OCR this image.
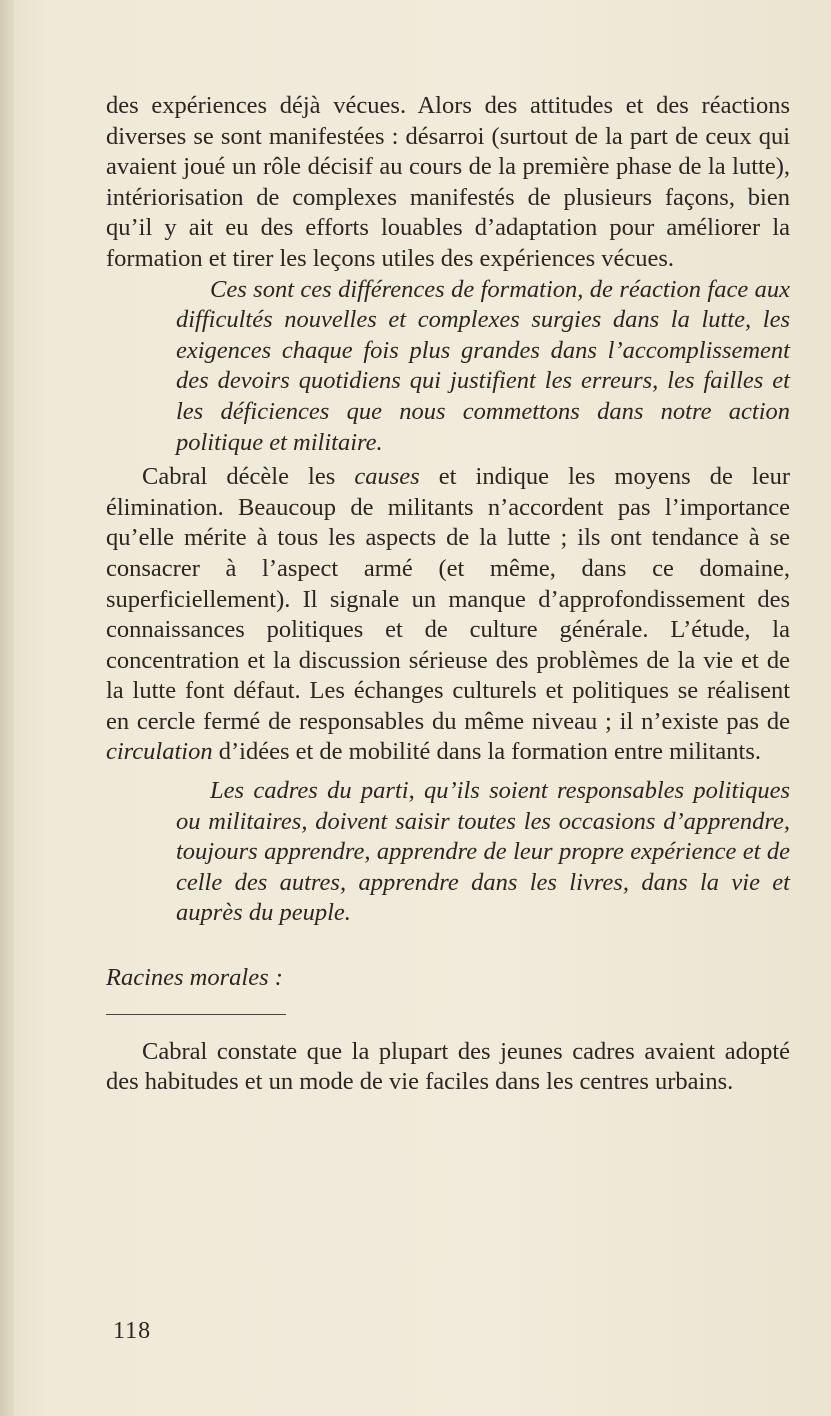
des expériences déjà vécues. Alors des attitudes et des réactions diverses se sont manifestées : désarroi (surtout de la part de ceux qui avaient joué un rôle décisif au cours de la première phase de la lutte), intériorisation de complexes manifestés de plusieurs façons, bien qu’il y ait eu des efforts louables d’adaptation pour améliorer la formation et tirer les leçons utiles des expériences vécues.

Ces sont ces différences de formation, de réaction face aux difficultés nouvelles et complexes surgies dans la lutte, les exigences chaque fois plus grandes dans l’accomplissement des devoirs quotidiens qui justifient les erreurs, les failles et les déficiences que nous commettons dans notre action politique et militaire.

Cabral décèle les causes et indique les moyens de leur élimination. Beaucoup de militants n’accordent pas l’importance qu’elle mérite à tous les aspects de la lutte ; ils ont tendance à se consacrer à l’aspect armé (et même, dans ce domaine, superficiellement). Il signale un manque d’approfondissement des connaissances politiques et de culture générale. L’étude, la concentration et la discussion sérieuse des problèmes de la vie et de la lutte font défaut. Les échanges culturels et politiques se réalisent en cercle fermé de responsables du même niveau ; il n’existe pas de circulation d’idées et de mobilité dans la formation entre militants.

Les cadres du parti, qu’ils soient responsables politiques ou militaires, doivent saisir toutes les occasions d’apprendre, toujours apprendre, apprendre de leur propre expérience et de celle des autres, apprendre dans les livres, dans la vie et auprès du peuple.

Racines morales :

Cabral constate que la plupart des jeunes cadres avaient adopté des habitudes et un mode de vie faciles dans les centres urbains.

118
